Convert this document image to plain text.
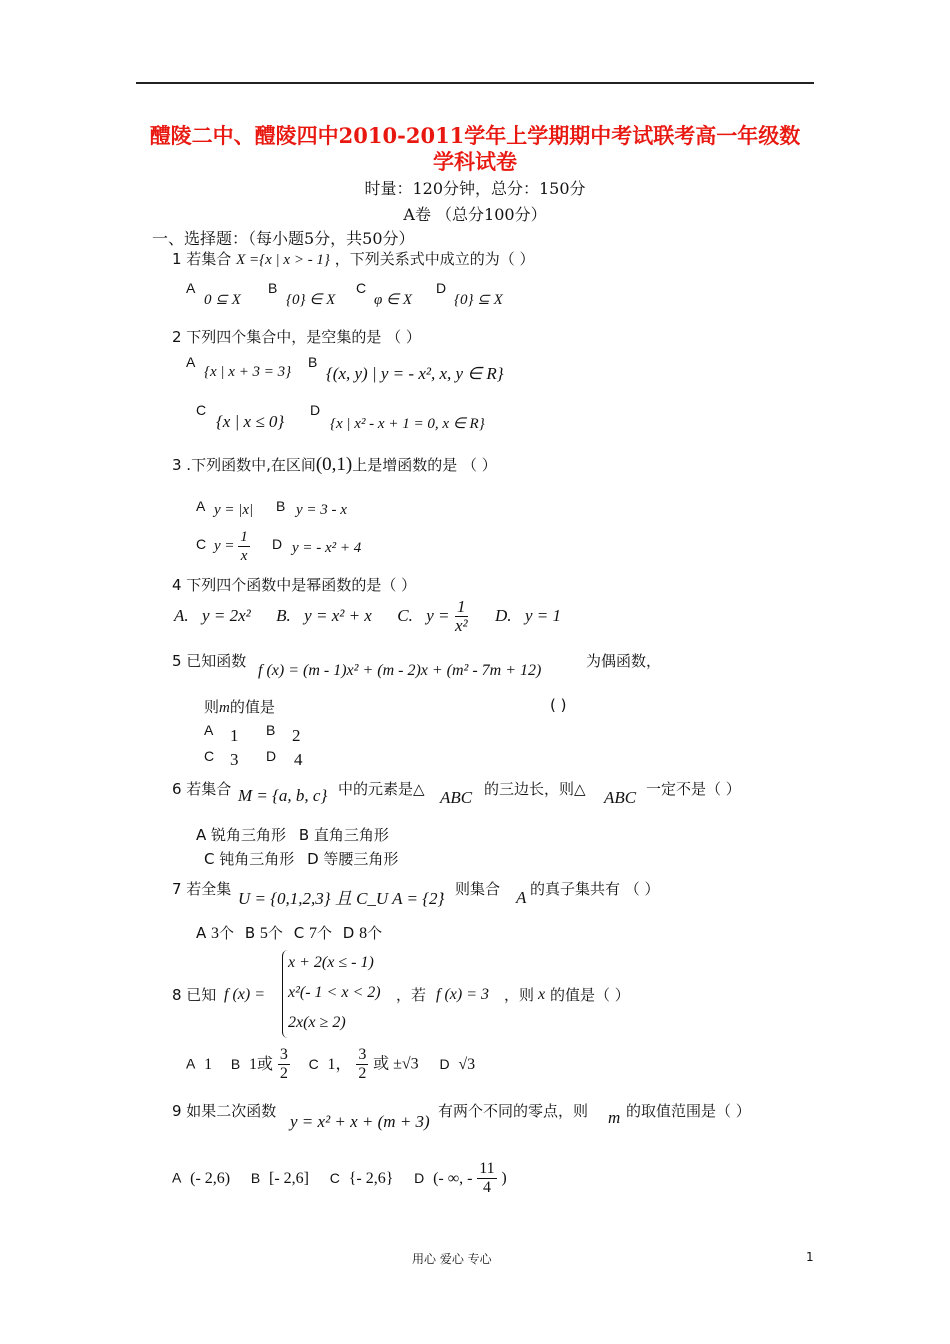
醴陵二中、醴陵四中2010-2011学年上学期期中考试联考高一年级数
学科试卷
时量：120分钟，总分：150分
A卷 （总分100分）
一、选择题：（每小题5分，共50分）
1 若集合 X ={x | x > - 1} ，下列关系式中成立的为（ ）
A
0 ⊆ X
B
{0} ∈ X
C
φ ∈ X
D
{0} ⊆ X
2 下列四个集合中，是空集的是 （ ）
A
{x | x + 3 = 3}
B
{(x, y) | y = - x², x, y ∈ R}
C
{x | x ≤ 0}
D
{x | x² - x + 1 = 0, x ∈ R}
3 .下列函数中,在区间(0,1)上是增函数的是 （ ）
A y = |x| B y = 3 - x
C $y = \frac{1}{x}$ D y = - x² + 4
4 下列四个函数中是幂函数的是（ ）
A. y = 2x² B. y = x² + x C. $y = \frac{1}{\text{x²}} D$. y = 1
5 已知函数
f (x) = (m - 1)x² + (m - 2)x + (m² - 7m + 12)
为偶函数，
则m的值是	( )
A 1 B 2
C 3 D 4
6 若集合 M = {a, b, c} 中的元素是△ ABC 的三边长，则△ ABC 一定不是（ ）
A 锐角三角形 B 直角三角形
C 钝角三角形 D 等腰三角形
7 若全集 U = {0,1,2,3} 且 C_U A = {2}
，则集合 A 的真子集共有 （ ）
A 3个 B 5个 C 7个 D 8个
8 已知 f (x) =
x + 2(x ≤ - 1)
x²(- 1 < x < 2)
2x(x ≥ 2)
，若 f (x) = 3 ，则 x 的值是（ ）
A 1 B 1或 $\frac{3}{2}$ C 1， $\frac{3}{2}$ 或 ±√3 D √3
9 如果二次函数
y = x² + x + (m + 3)
有两个不同的零点，则 m 的取值范围是（ ）
A (- 2,6) B [- 2,6] C {- 2,6} D (- ∞, - $\frac{11}{4}$ )
用心 爱心 专心	1
